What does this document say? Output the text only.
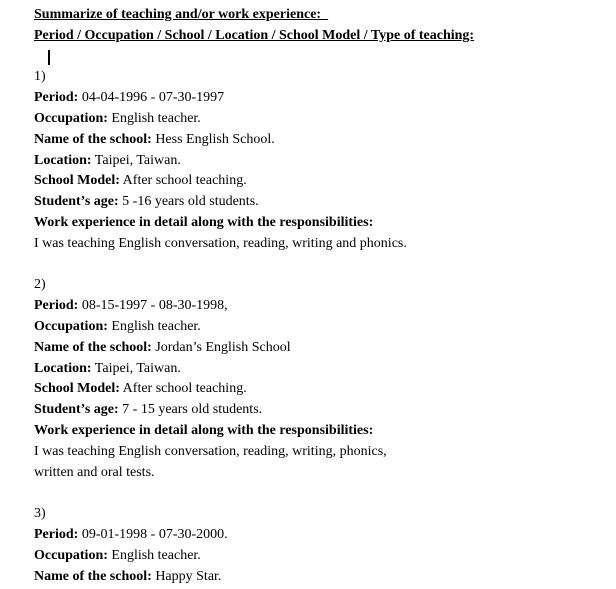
Summarize of teaching and/or work experience:
Period / Occupation / School / Location / School Model / Type of teaching:
1)
Period: 04-04-1996 - 07-30-1997
Occupation: English teacher.
Name of the school: Hess English School.
Location: Taipei, Taiwan.
School Model: After school teaching.
Student’s age: 5 -16 years old students.
Work experience in detail along with the responsibilities:
I was teaching English conversation, reading, writing and phonics.
2)
Period: 08-15-1997 - 08-30-1998,
Occupation: English teacher.
Name of the school: Jordan’s English School
Location: Taipei, Taiwan.
School Model: After school teaching.
Student’s age: 7 - 15 years old students.
Work experience in detail along with the responsibilities:
I was teaching English conversation, reading, writing, phonics,
written and oral tests.
3)
Period: 09-01-1998 - 07-30-2000.
Occupation: English teacher.
Name of the school: Happy Star.
